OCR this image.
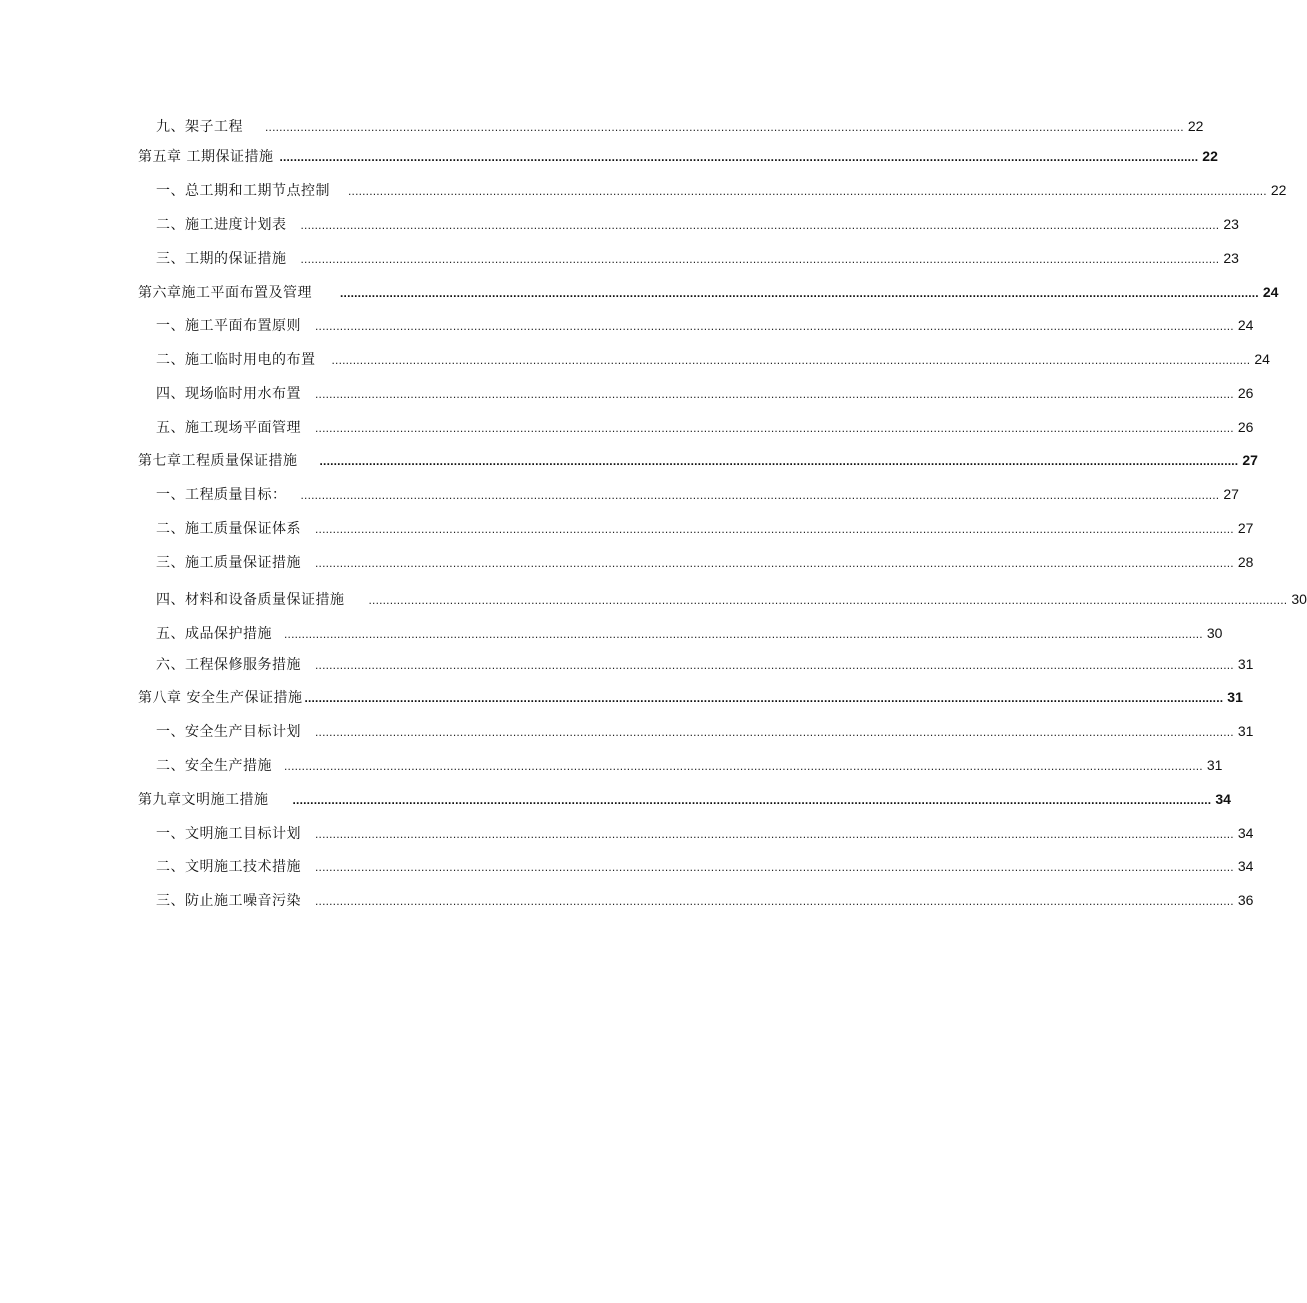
九、架子工程 .................................................................................................................................................................................................................................................................... 22
第五章 工期保证措施 .................................................................................................................................................................................................................................................................... 22
一、总工期和工期节点控制 .................................................................................................................................................................................................................................................................... 22
二、施工进度计划表 .................................................................................................................................................................................................................................................................... 23
三、工期的保证措施 .................................................................................................................................................................................................................................................................... 23
第六章施工平面布置及管理 .................................................................................................................................................................................................................................................................... 24
一、施工平面布置原则 .................................................................................................................................................................................................................................................................... 24
二、施工临时用电的布置 .................................................................................................................................................................................................................................................................... 24
四、现场临时用水布置 .................................................................................................................................................................................................................................................................... 26
五、施工现场平面管理 .................................................................................................................................................................................................................................................................... 26
第七章工程质量保证措施 .................................................................................................................................................................................................................................................................... 27
一、工程质量目标： .................................................................................................................................................................................................................................................................... 27
二、施工质量保证体系 .................................................................................................................................................................................................................................................................... 27
三、施工质量保证措施 .................................................................................................................................................................................................................................................................... 28
四、材料和设备质量保证措施 .................................................................................................................................................................................................................................................................... 30
五、成品保护措施 .................................................................................................................................................................................................................................................................... 30
六、工程保修服务措施 .................................................................................................................................................................................................................................................................... 31
第八章 安全生产保证措施 .................................................................................................................................................................................................................................................................... 31
一、安全生产目标计划 .................................................................................................................................................................................................................................................................... 31
二、安全生产措施 .................................................................................................................................................................................................................................................................... 31
第九章文明施工措施 .................................................................................................................................................................................................................................................................... 34
一、文明施工目标计划 .................................................................................................................................................................................................................................................................... 34
二、文明施工技术措施 .................................................................................................................................................................................................................................................................... 34
三、防止施工噪音污染 .................................................................................................................................................................................................................................................................... 36
